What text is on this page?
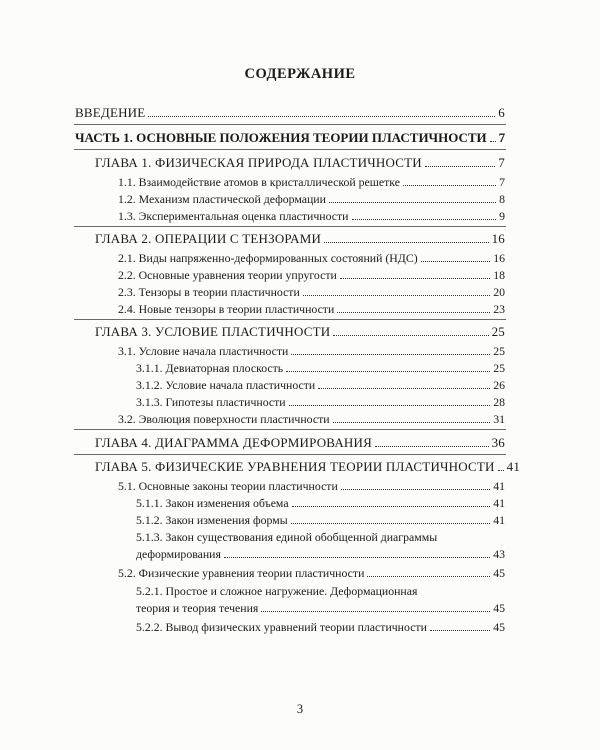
СОДЕРЖАНИЕ
ВВЕДЕНИЕ	6
ЧАСТЬ 1. ОСНОВНЫЕ ПОЛОЖЕНИЯ ТЕОРИИ ПЛАСТИЧНОСТИ 7
ГЛАВА 1. ФИЗИЧЕСКАЯ ПРИРОДА ПЛАСТИЧНОСТИ	7
1.1. Взаимодействие атомов в кристаллической решетке	7
1.2. Механизм пластической деформации	8
1.3. Экспериментальная оценка пластичности	9
ГЛАВА 2. ОПЕРАЦИИ С ТЕНЗОРАМИ	16
2.1. Виды напряженно-деформированных состояний (НДС)	16
2.2. Основные уравнения теории упругости	18
2.3. Тензоры в теории пластичности	20
2.4. Новые тензоры в теории пластичности	23
ГЛАВА 3. УСЛОВИЕ ПЛАСТИЧНОСТИ	25
3.1. Условие начала пластичности	25
3.1.1. Девиаторная плоскость	25
3.1.2. Условие начала пластичности	26
3.1.3. Гипотезы пластичности	28
3.2. Эволюция поверхности пластичности	31
ГЛАВА 4. ДИАГРАММА ДЕФОРМИРОВАНИЯ	36
ГЛАВА 5. ФИЗИЧЕСКИЕ УРАВНЕНИЯ ТЕОРИИ ПЛАСТИЧНОСТИ 41
5.1. Основные законы теории пластичности	41
5.1.1. Закон изменения объема	41
5.1.2. Закон изменения формы	41
5.1.3. Закон существования единой обобщенной диаграммы
деформирования	43
5.2. Физические уравнения теории пластичности	45
5.2.1. Простое и сложное нагружение. Деформационная
теория и теория течения	45
5.2.2. Вывод физических уравнений теории пластичности	45
3
